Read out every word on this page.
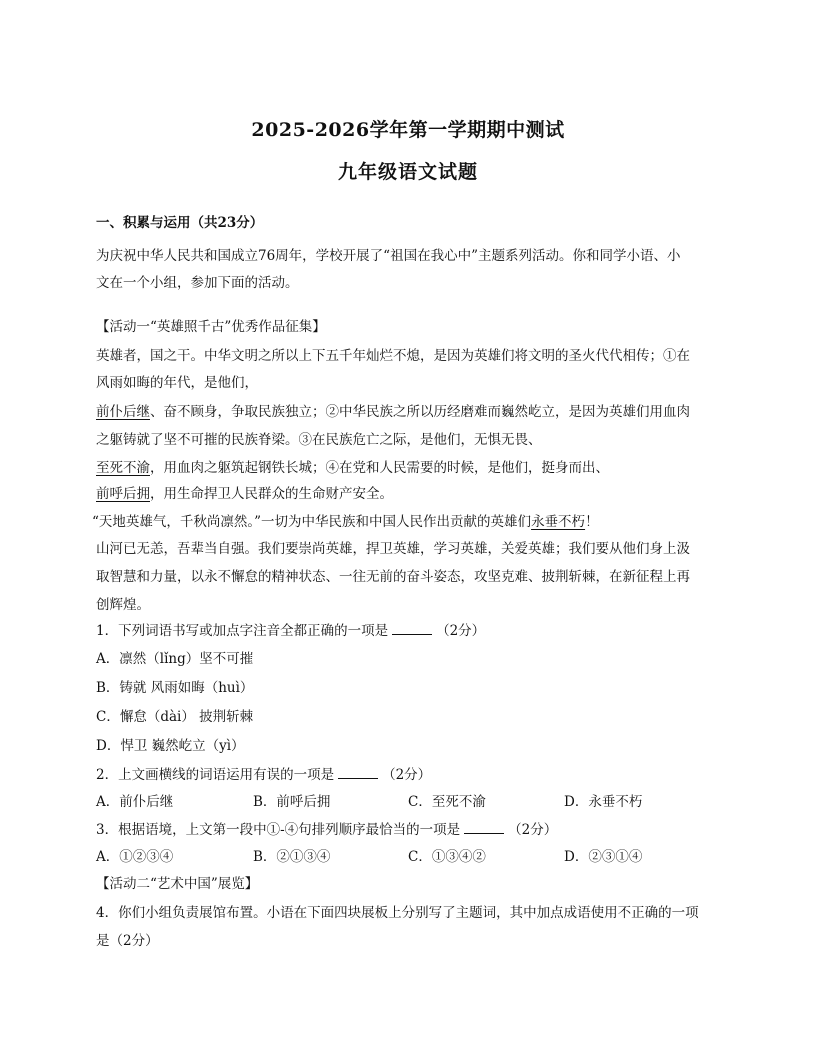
2025-2026学年第一学期期中测试
九年级语文试题
一、积累与运用（共23分）
为庆祝中华人民共和国成立76周年，学校开展了“祖国在我心中”主题系列活动。你和同学小语、小
文在一个小组，参加下面的活动。
【活动一“英雄照千古”优秀作品征集】
英雄者，国之干。中华文明之所以上下五千年灿烂不熄，是因为英雄们将文明的圣火代代相传；①在
风雨如晦的年代，是他们，
前仆后继、奋不顾身，争取民族独立；②中华民族之所以历经磨难而巍然屹立，是因为英雄们用血肉
之躯铸就了坚不可摧的民族脊梁。③在民族危亡之际，是他们，无惧无畏、
至死不渝，用血肉之躯筑起钢铁长城；④在党和人民需要的时候，是他们，挺身而出、
前呼后拥，用生命捍卫人民群众的生命财产安全。
“天地英雄气，千秋尚凛然。”一切为中华民族和中国人民作出贡献的英雄们永垂不朽！
山河已无恙，吾辈当自强。我们要崇尚英雄，捍卫英雄，学习英雄，关爱英雄；我们要从他们身上汲
取智慧和力量，以永不懈怠的精神状态、一往无前的奋斗姿态，攻坚克难、披荆斩棘，在新征程上再
创辉煌。
1．下列词语书写或加点字注音全都正确的一项是	（2分）
A．凛然（lǐng）坚不可摧
B．铸就 风雨如晦（huì）
C．懈怠（dài） 披荆斩棘
D．悍卫 巍然屹立（yì）
2．上文画横线的词语运用有误的一项是	（2分）
A．前仆后继	B．前呼后拥	C．至死不渝	D．永垂不朽
3．根据语境，上文第一段中①-④句排列顺序最恰当的一项是	（2分）
A．①②③④	B．②①③④	C．①③④②	D．②③①④
【活动二“艺术中国”展览】
4．你们小组负责展馆布置。小语在下面四块展板上分别写了主题词，其中加点成语使用不正确的一项
是（2分）
